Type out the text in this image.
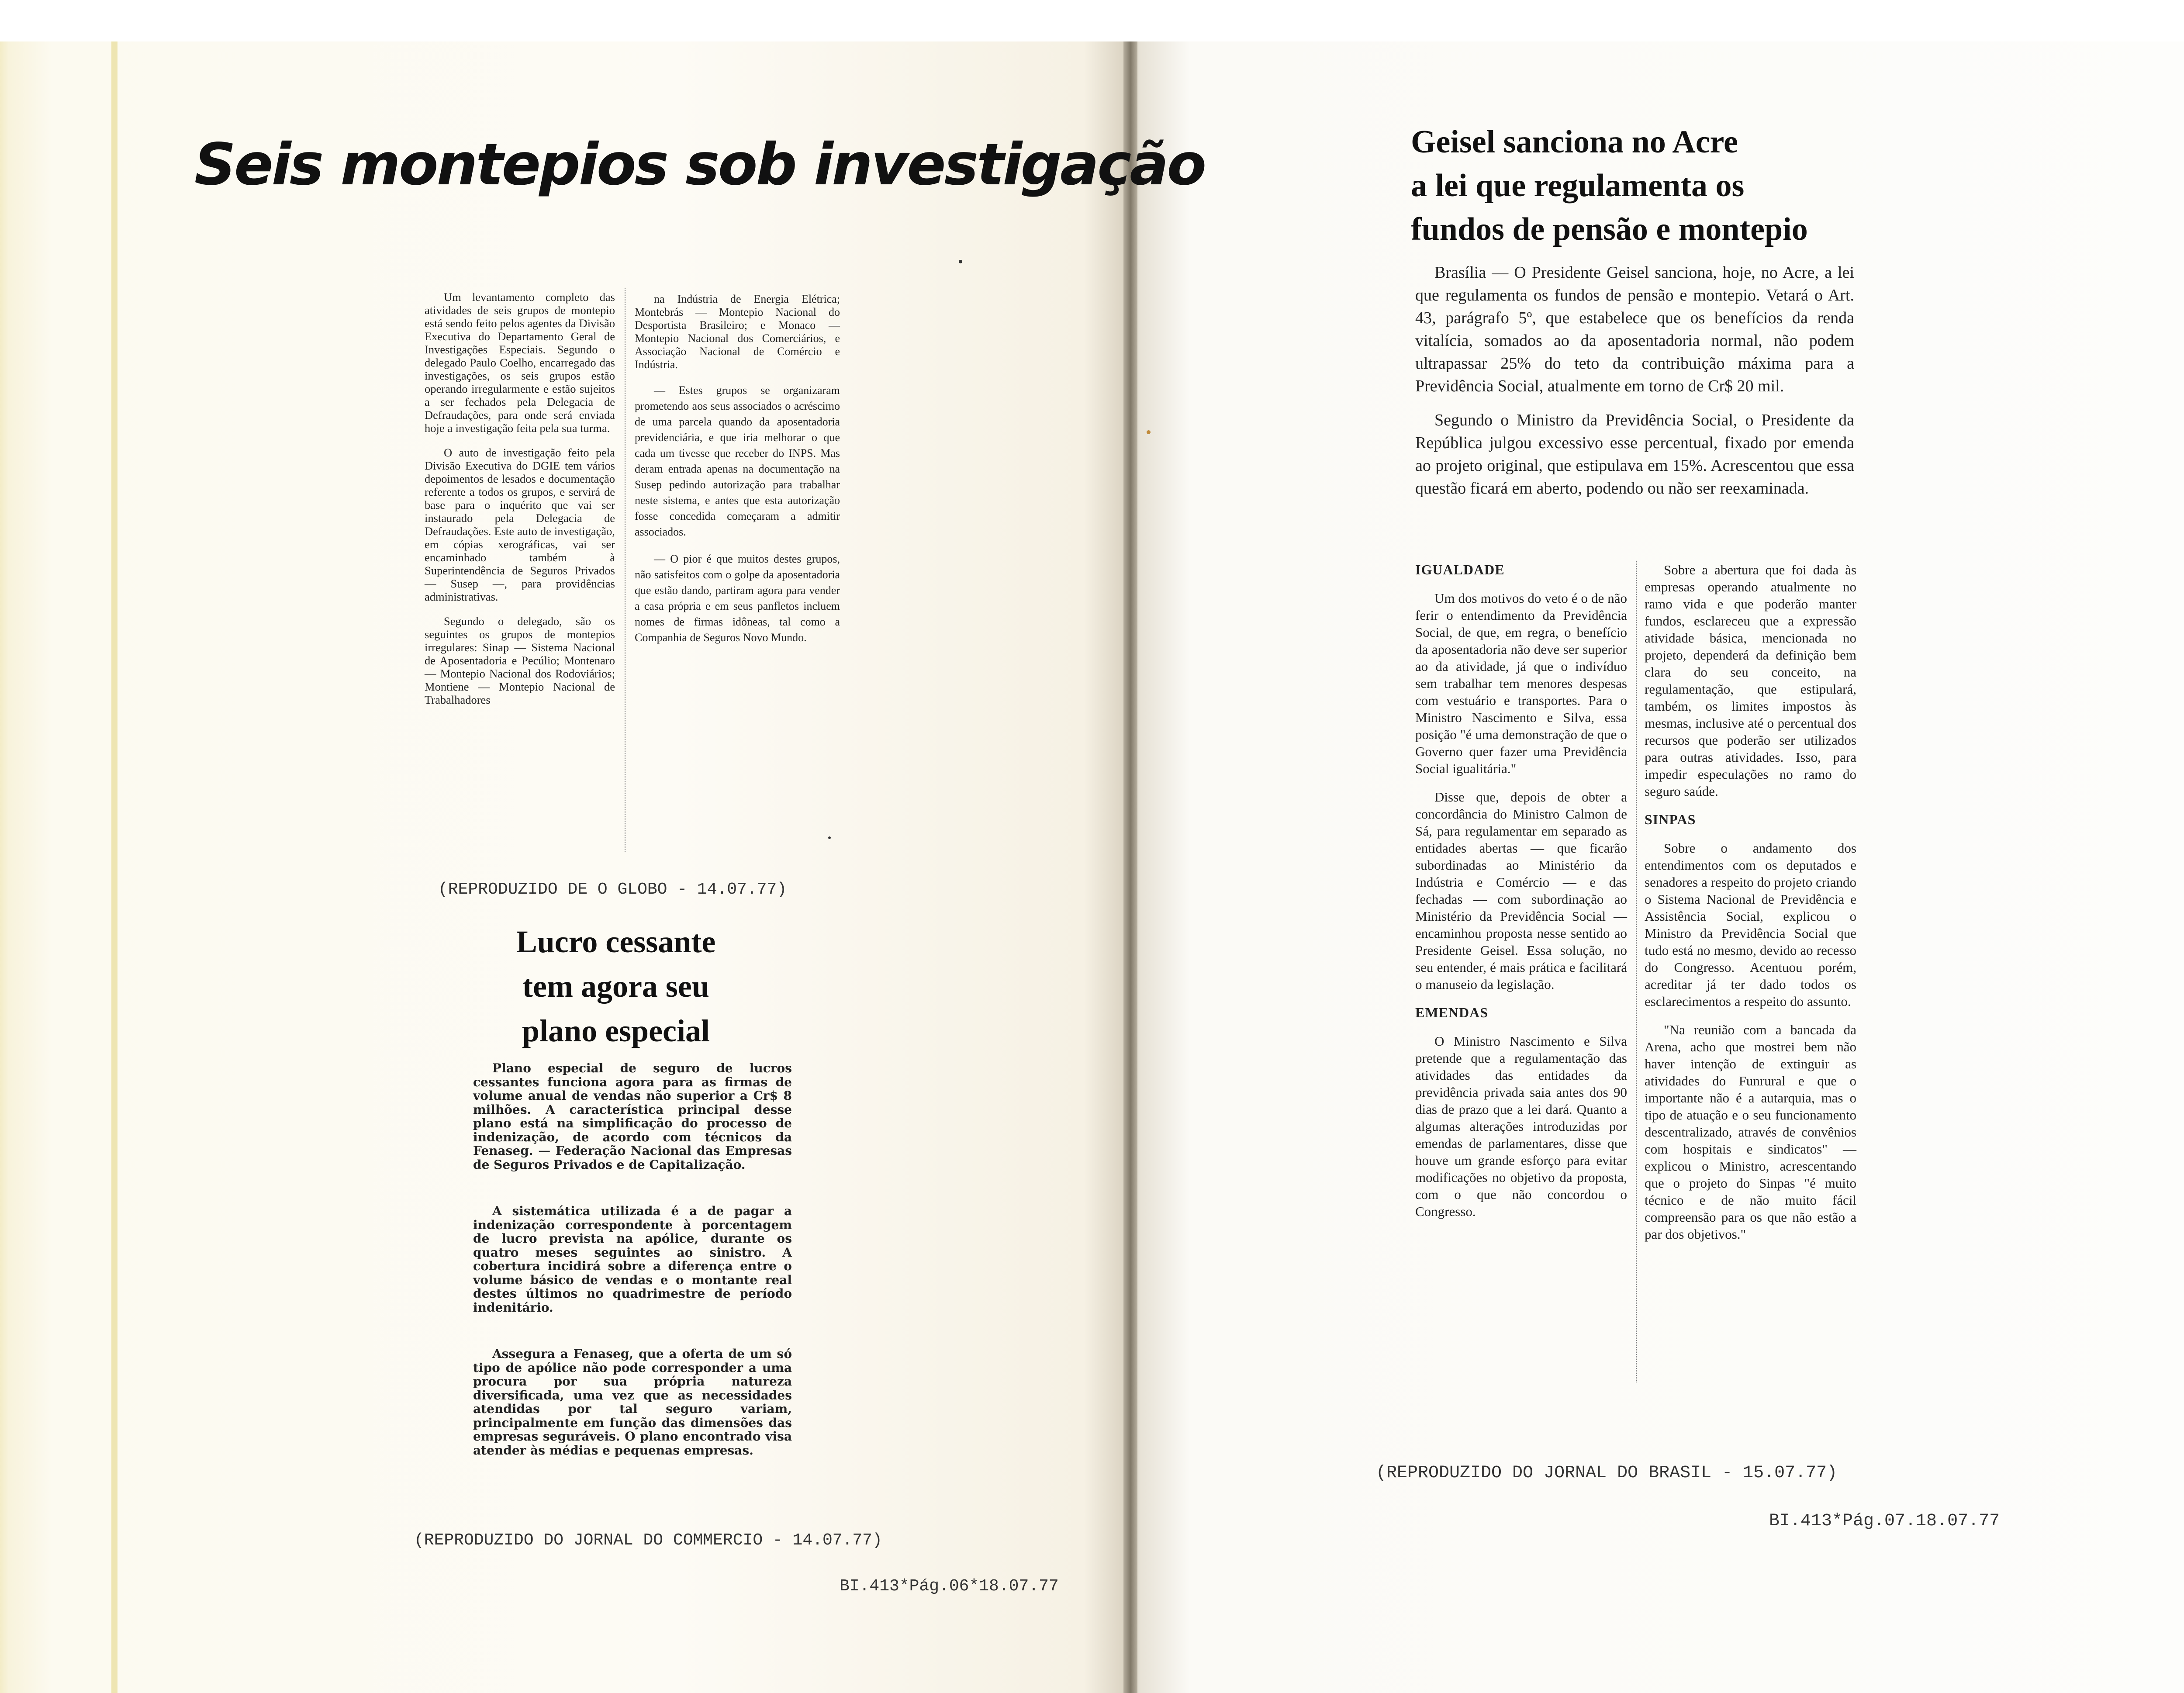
Seis montepios sob investigação

Um levantamento completo das atividades de seis grupos de montepio está sendo feito pelos agentes da Divisão Executiva do Departamento Geral de Investigações Especiais. Segundo o delegado Paulo Coelho, encarregado das investigações, os seis grupos estão operando irregularmente e estão sujeitos a ser fechados pela Delegacia de Defraudações, para onde será enviada hoje a investigação feita pela sua turma.

O auto de investigação feito pela Divisão Executiva do DGIE tem vários depoimentos de lesados e documentação referente a todos os grupos, e servirá de base para o inquérito que vai ser instaurado pela Delegacia de Defraudações. Este auto de investigação, em cópias xerográficas, vai ser encaminhado também à Superintendência de Seguros Privados — Susep —, para providências administrativas.

Segundo o delegado, são os seguintes os grupos de montepios irregulares: Sinap — Sistema Nacional de Aposentadoria e Pecúlio; Montenaro — Montepio Nacional dos Rodoviários; Montiene — Montepio Nacional de Trabalhadores

na Indústria de Energia Elétrica; Montebrás — Montepio Nacional do Desportista Brasileiro; e Monaco — Montepio Nacional dos Comerciários, e Associação Nacional de Comércio e Indústria.

— Estes grupos se organizaram prometendo aos seus associados o acréscimo de uma parcela quando da aposentadoria previdenciária, e que iria melhorar o que cada um tivesse que receber do INPS. Mas deram entrada apenas na documentação na Susep pedindo autorização para trabalhar neste sistema, e antes que esta autorização fosse concedida começaram a admitir associados.

— O pior é que muitos destes grupos, não satisfeitos com o golpe da aposentadoria que estão dando, partiram agora para vender a casa própria e em seus panfletos incluem nomes de firmas idôneas, tal como a Companhia de Seguros Novo Mundo.

(REPRODUZIDO DE O GLOBO - 14.07.77)
Lucro cessante
tem agora seu
plano especial

Plano especial de seguro de lucros cessantes funciona agora para as firmas de volume anual de vendas não superior a Cr$ 8 milhões. A característica principal desse plano está na simplificação do processo de indenização, de acordo com técnicos da Fenaseg. — Federação Nacional das Empresas de Seguros Privados e de Capitalização.

A sistemática utilizada é a de pagar a indenização correspondente à porcentagem de lucro prevista na apólice, durante os quatro meses seguintes ao sinistro. A cobertura incidirá sobre a diferença entre o volume básico de vendas e o montante real destes últimos no quadrimestre de período indenitário.

Assegura a Fenaseg, que a oferta de um só tipo de apólice não pode corresponder a uma procura por sua própria natureza diversificada, uma vez que as necessidades atendidas por tal seguro variam, principalmente em função das dimensões das empresas seguráveis. O plano encontrado visa atender às médias e pequenas empresas.

(REPRODUZIDO DO JORNAL DO COMMERCIO - 14.07.77)
BI.413*Pág.06*18.07.77
Geisel sanciona no Acre
a lei que regulamenta os
fundos de pensão e montepio

Brasília — O Presidente Geisel sanciona, hoje, no Acre, a lei que regulamenta os fundos de pensão e montepio. Vetará o Art. 43, parágrafo 5º, que estabelece que os benefícios da renda vitalícia, somados ao da aposentadoria normal, não podem ultrapassar 25% do teto da contribuição máxima para a Previdência Social, atualmente em torno de Cr$ 20 mil.

Segundo o Ministro da Previdência Social, o Presidente da República julgou excessivo esse percentual, fixado por emenda ao projeto original, que estipulava em 15%. Acrescentou que essa questão ficará em aberto, podendo ou não ser reexaminada.

IGUALDADE

Um dos motivos do veto é o de não ferir o entendimento da Previdência Social, de que, em regra, o benefício da aposentadoria não deve ser superior ao da atividade, já que o indivíduo sem trabalhar tem menores despesas com vestuário e transportes. Para o Ministro Nascimento e Silva, essa posição "é uma demonstração de que o Governo quer fazer uma Previdência Social igualitária."

Disse que, depois de obter a concordância do Ministro Calmon de Sá, para regulamentar em separado as entidades abertas — que ficarão subordinadas ao Ministério da Indústria e Comércio — e das fechadas — com subordinação ao Ministério da Previdência Social — encaminhou proposta nesse sentido ao Presidente Geisel. Essa solução, no seu entender, é mais prática e facilitará o manuseio da legislação.

EMENDAS

O Ministro Nascimento e Silva pretende que a regulamentação das atividades das entidades da previdência privada saia antes dos 90 dias de prazo que a lei dará. Quanto a algumas alterações introduzidas por emendas de parlamentares, disse que houve um grande esforço para evitar modificações no objetivo da proposta, com o que não concordou o Congresso.

Sobre a abertura que foi dada às empresas operando atualmente no ramo vida e que poderão manter fundos, esclareceu que a expressão atividade básica, mencionada no projeto, dependerá da definição bem clara do seu conceito, na regulamentação, que estipulará, também, os limites impostos às mesmas, inclusive até o percentual dos recursos que poderão ser utilizados para outras atividades. Isso, para impedir especulações no ramo do seguro saúde.

SINPAS

Sobre o andamento dos entendimentos com os deputados e senadores a respeito do projeto criando o Sistema Nacional de Previdência e Assistência Social, explicou o Ministro da Previdência Social que tudo está no mesmo, devido ao recesso do Congresso. Acentuou porém, acreditar já ter dado todos os esclarecimentos a respeito do assunto.

"Na reunião com a bancada da Arena, acho que mostrei bem não haver intenção de extinguir as atividades do Funrural e que o importante não é a autarquia, mas o tipo de atuação e o seu funcionamento descentralizado, através de convênios com hospitais e sindicatos" — explicou o Ministro, acrescentando que o projeto do Sinpas "é muito técnico e de não muito fácil compreensão para os que não estão a par dos objetivos."

(REPRODUZIDO DO JORNAL DO BRASIL - 15.07.77)
BI.413*Pág.07.18.07.77
